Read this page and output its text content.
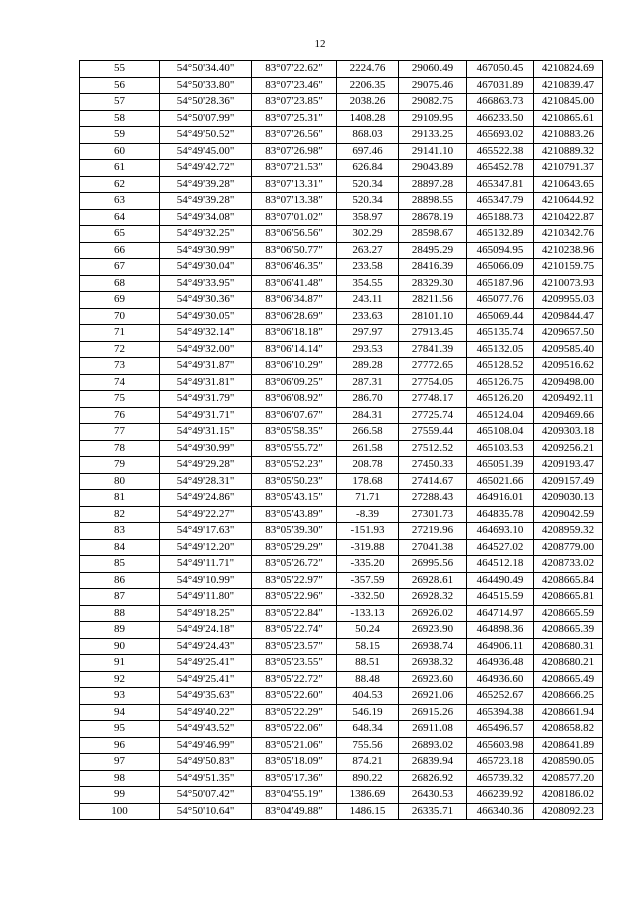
12
55	54°50'34.40"	83°07'22.62"	2224.76	29060.49	467050.45	4210824.69
56	54°50'33.80"	83°07'23.46"	2206.35	29075.46	467031.89	4210839.47
57	54°50'28.36"	83°07'23.85"	2038.26	29082.75	466863.73	4210845.00
58	54°50'07.99"	83°07'25.31"	1408.28	29109.95	466233.50	4210865.61
59	54°49'50.52"	83°07'26.56"	868.03	29133.25	465693.02	4210883.26
60	54°49'45.00"	83°07'26.98"	697.46	29141.10	465522.38	4210889.32
61	54°49'42.72"	83°07'21.53"	626.84	29043.89	465452.78	4210791.37
62	54°49'39.28"	83°07'13.31"	520.34	28897.28	465347.81	4210643.65
63	54°49'39.28"	83°07'13.38"	520.34	28898.55	465347.79	4210644.92
64	54°49'34.08"	83°07'01.02"	358.97	28678.19	465188.73	4210422.87
65	54°49'32.25"	83°06'56.56"	302.29	28598.67	465132.89	4210342.76
66	54°49'30.99"	83°06'50.77"	263.27	28495.29	465094.95	4210238.96
67	54°49'30.04"	83°06'46.35"	233.58	28416.39	465066.09	4210159.75
68	54°49'33.95"	83°06'41.48"	354.55	28329.30	465187.96	4210073.93
69	54°49'30.36"	83°06'34.87"	243.11	28211.56	465077.76	4209955.03
70	54°49'30.05"	83°06'28.69"	233.63	28101.10	465069.44	4209844.47
71	54°49'32.14"	83°06'18.18"	297.97	27913.45	465135.74	4209657.50
72	54°49'32.00"	83°06'14.14"	293.53	27841.39	465132.05	4209585.40
73	54°49'31.87"	83°06'10.29"	289.28	27772.65	465128.52	4209516.62
74	54°49'31.81"	83°06'09.25"	287.31	27754.05	465126.75	4209498.00
75	54°49'31.79"	83°06'08.92"	286.70	27748.17	465126.20	4209492.11
76	54°49'31.71"	83°06'07.67"	284.31	27725.74	465124.04	4209469.66
77	54°49'31.15"	83°05'58.35"	266.58	27559.44	465108.04	4209303.18
78	54°49'30.99"	83°05'55.72"	261.58	27512.52	465103.53	4209256.21
79	54°49'29.28"	83°05'52.23"	208.78	27450.33	465051.39	4209193.47
80	54°49'28.31"	83°05'50.23"	178.68	27414.67	465021.66	4209157.49
81	54°49'24.86"	83°05'43.15"	71.71	27288.43	464916.01	4209030.13
82	54°49'22.27"	83°05'43.89"	-8.39	27301.73	464835.78	4209042.59
83	54°49'17.63"	83°05'39.30"	-151.93	27219.96	464693.10	4208959.32
84	54°49'12.20"	83°05'29.29"	-319.88	27041.38	464527.02	4208779.00
85	54°49'11.71"	83°05'26.72"	-335.20	26995.56	464512.18	4208733.02
86	54°49'10.99"	83°05'22.97"	-357.59	26928.61	464490.49	4208665.84
87	54°49'11.80"	83°05'22.96"	-332.50	26928.32	464515.59	4208665.81
88	54°49'18.25"	83°05'22.84"	-133.13	26926.02	464714.97	4208665.59
89	54°49'24.18"	83°05'22.74"	50.24	26923.90	464898.36	4208665.39
90	54°49'24.43"	83°05'23.57"	58.15	26938.74	464906.11	4208680.31
91	54°49'25.41"	83°05'23.55"	88.51	26938.32	464936.48	4208680.21
92	54°49'25.41"	83°05'22.72"	88.48	26923.60	464936.60	4208665.49
93	54°49'35.63"	83°05'22.60"	404.53	26921.06	465252.67	4208666.25
94	54°49'40.22"	83°05'22.29"	546.19	26915.26	465394.38	4208661.94
95	54°49'43.52"	83°05'22.06"	648.34	26911.08	465496.57	4208658.82
96	54°49'46.99"	83°05'21.06"	755.56	26893.02	465603.98	4208641.89
97	54°49'50.83"	83°05'18.09"	874.21	26839.94	465723.18	4208590.05
98	54°49'51.35"	83°05'17.36"	890.22	26826.92	465739.32	4208577.20
99	54°50'07.42"	83°04'55.19"	1386.69	26430.53	466239.92	4208186.02
100	54°50'10.64"	83°04'49.88"	1486.15	26335.71	466340.36	4208092.23
